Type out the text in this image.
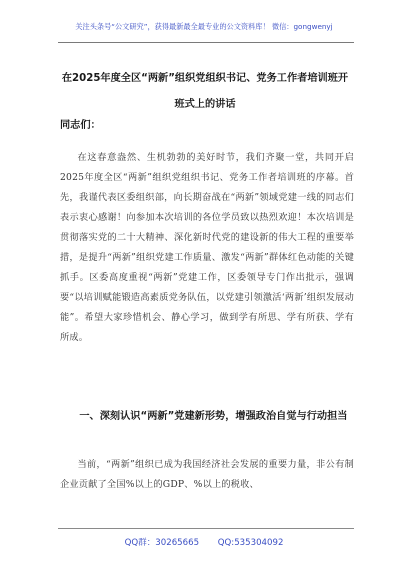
关注头条号“公文研究”，获得最新最全最专业的公文资料库！ 微信：gongwenyj
在2025年度全区“两新”组织党组织书记、党务工作者培训班开班式上的讲话
同志们：
在这春意盎然、生机勃勃的美好时节，我们齐聚一堂，共同开启2025年度全区“两新”组织党组织书记、党务工作者培训班的序幕。首先，我谨代表区委组织部，向长期奋战在“两新”领域党建一线的同志们表示衷心感谢！向参加本次培训的各位学员致以热烈欢迎！本次培训是贯彻落实党的二十大精神、深化新时代党的建设新的伟大工程的重要举措，是提升“两新”组织党建工作质量、激发“两新”群体红色动能的关键抓手。区委高度重视“两新”党建工作，区委领导专门作出批示，强调要“以培训赋能锻造高素质党务队伍，以党建引领激活‘两新’组织发展动能”。希望大家珍惜机会、静心学习，做到学有所思、学有所获、学有所成。
一、深刻认识“两新”党建新形势，增强政治自觉与行动担当
当前，“两新”组织已成为我国经济社会发展的重要力量，非公有制企业贡献了全国%以上的GDP、%以上的税收、
QQ群：30265665 QQ:535304092
